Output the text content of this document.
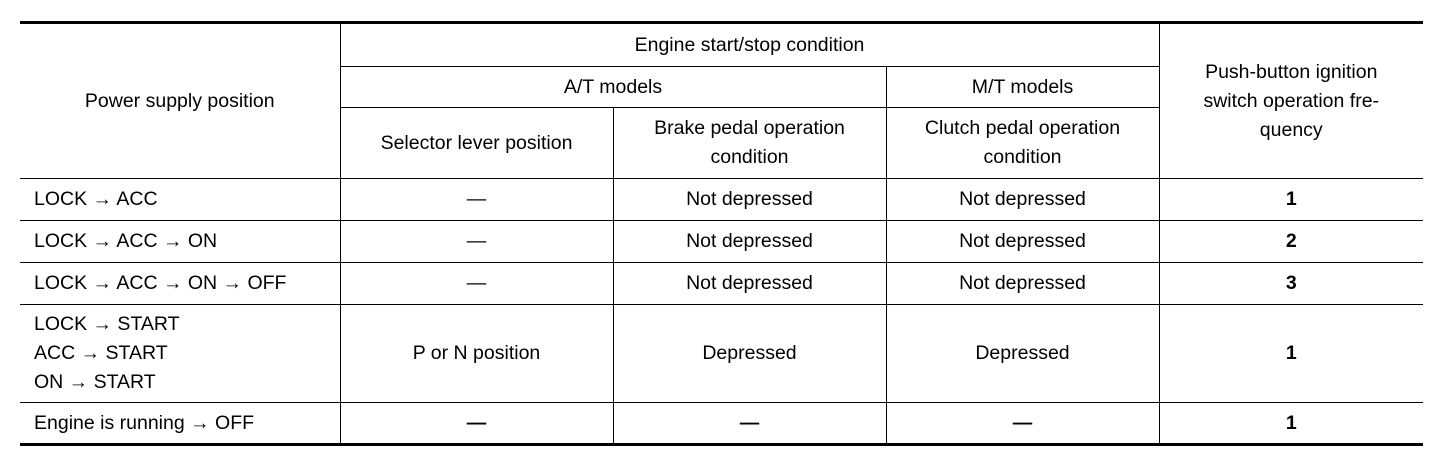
Power supply position	Engine start/stop condition			Push-button ignition switch operation fre-quency
	A/T models		M/T models	
	Selector lever position	Brake pedal operation condition	Clutch pedal operation condition	

LOCK → ACC	—	Not depressed	Not depressed	1

LOCK → ACC → ON	—	Not depressed	Not depressed	2

LOCK → ACC → ON → OFF	—	Not depressed	Not depressed	3

LOCK → START
ACC → START
ON → START	P or N position	Depressed	Depressed	1

Engine is running → OFF	—	—	—	1
